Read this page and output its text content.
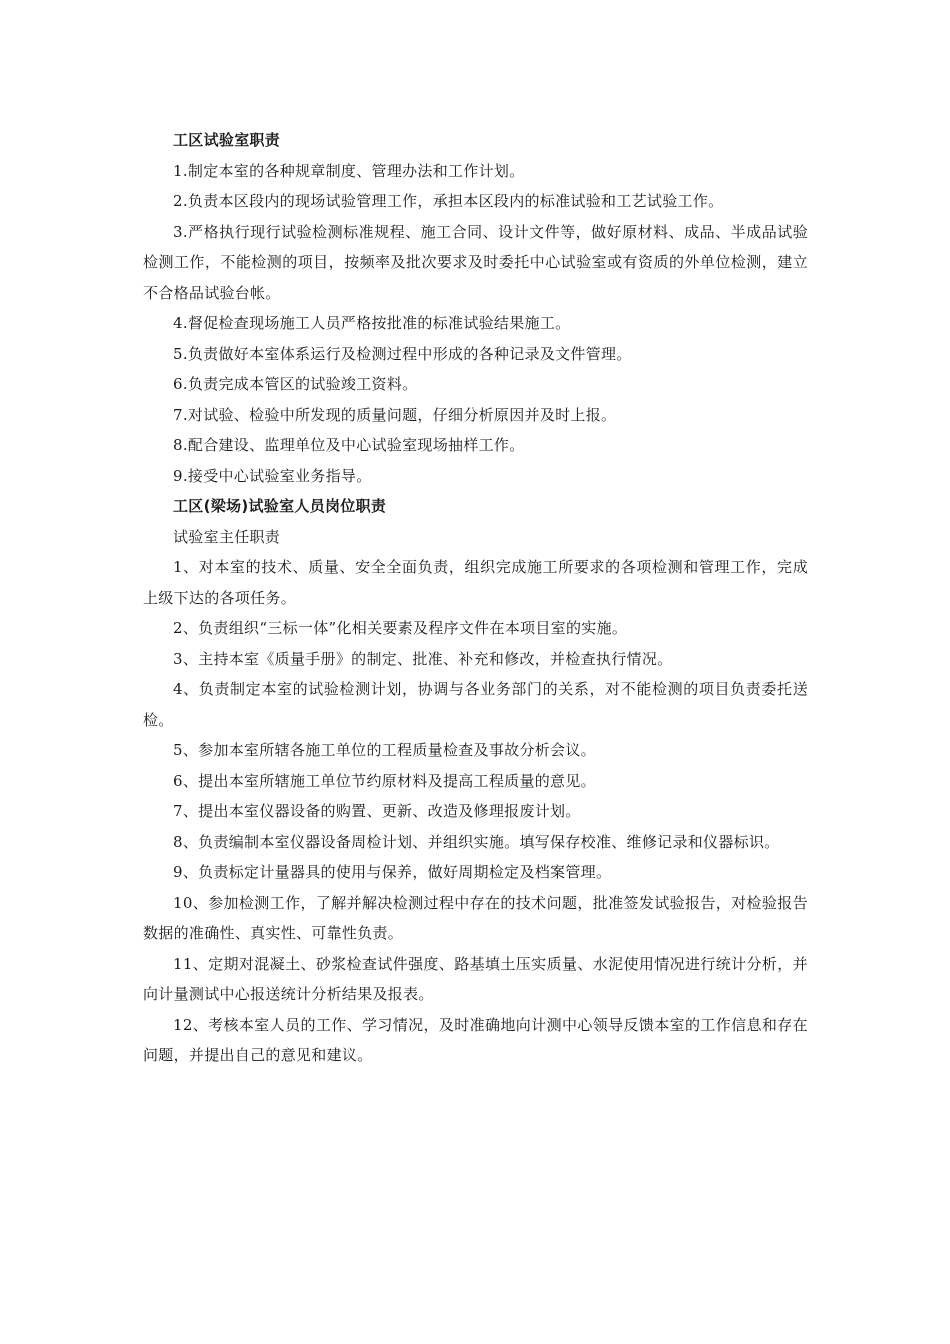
工区试验室职责

1.制定本室的各种规章制度、管理办法和工作计划。

2.负责本区段内的现场试验管理工作，承担本区段内的标准试验和工艺试验工作。

3.严格执行现行试验检测标准规程、施工合同、设计文件等，做好原材料、成品、半成品试验检测工作，不能检测的项目，按频率及批次要求及时委托中心试验室或有资质的外单位检测，建立不合格品试验台帐。

4.督促检查现场施工人员严格按批准的标准试验结果施工。

5.负责做好本室体系运行及检测过程中形成的各种记录及文件管理。

6.负责完成本管区的试验竣工资料。

7.对试验、检验中所发现的质量问题，仔细分析原因并及时上报。

8.配合建设、监理单位及中心试验室现场抽样工作。

9.接受中心试验室业务指导。

工区(梁场)试验室人员岗位职责

试验室主任职责

1、对本室的技术、质量、安全全面负责，组织完成施工所要求的各项检测和管理工作，完成上级下达的各项任务。

2、负责组织“三标一体”化相关要素及程序文件在本项目室的实施。

3、主持本室《质量手册》的制定、批准、补充和修改，并检查执行情况。

4、负责制定本室的试验检测计划，协调与各业务部门的关系，对不能检测的项目负责委托送检。

5、参加本室所辖各施工单位的工程质量检查及事故分析会议。

6、提出本室所辖施工单位节约原材料及提高工程质量的意见。

7、提出本室仪器设备的购置、更新、改造及修理报废计划。

8、负责编制本室仪器设备周检计划、并组织实施。填写保存校准、维修记录和仪器标识。

9、负责标定计量器具的使用与保养，做好周期检定及档案管理。

10、参加检测工作，了解并解决检测过程中存在的技术问题，批准签发试验报告，对检验报告数据的准确性、真实性、可靠性负责。

11、定期对混凝土、砂浆检查试件强度、路基填土压实质量、水泥使用情况进行统计分析，并向计量测试中心报送统计分析结果及报表。

12、考核本室人员的工作、学习情况，及时准确地向计测中心领导反馈本室的工作信息和存在问题，并提出自己的意见和建议。
